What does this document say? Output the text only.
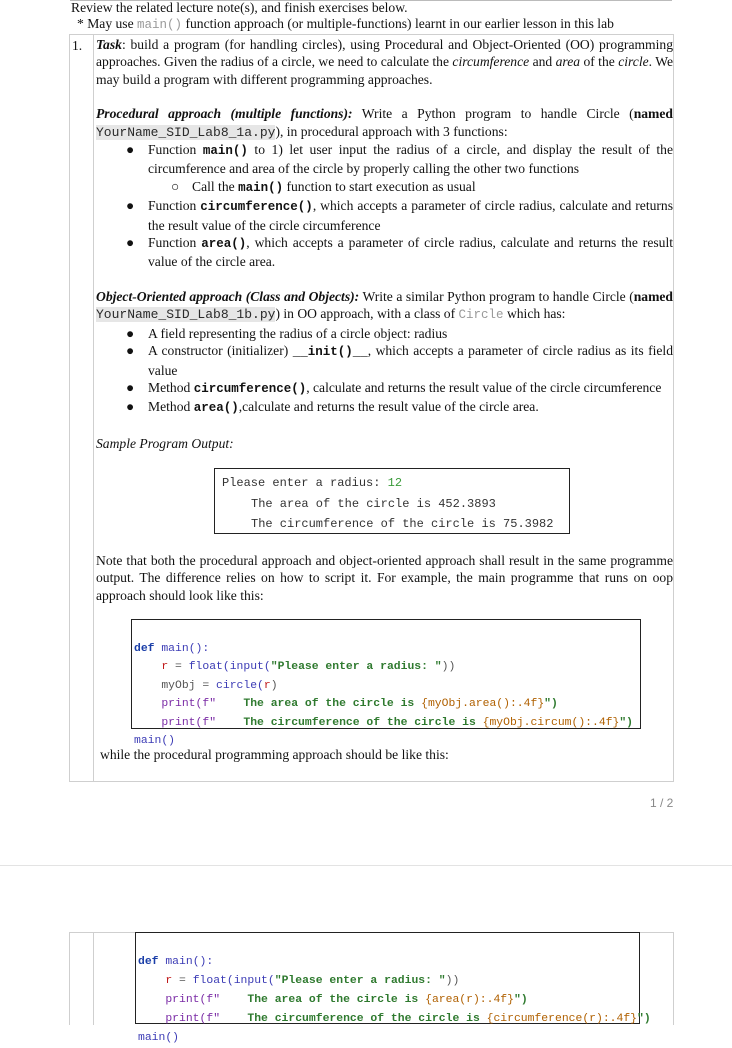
Review the related lecture note(s), and finish exercises below.
* May use main() function approach (or multiple-functions) learnt in our earlier lesson in this lab
1. Task: build a program (for handling circles), using Procedural and Object-Oriented (OO) programming approaches. Given the radius of a circle, we need to calculate the circumference and area of the circle. We may build a program with different programming approaches.

Procedural approach (multiple functions): Write a Python program to handle Circle (named YourName_SID_Lab8_1a.py), in procedural approach with 3 functions:

● Function main() to 1) let user input the radius of a circle, and display the result of the circumference and area of the circle by properly calling the other two functions
○ Call the main() function to start execution as usual
● Function circumference(), which accepts a parameter of circle radius, calculate and returns the result value of the circle circumference
● Function area(), which accepts a parameter of circle radius, calculate and returns the result value of the circle area.

Object-Oriented approach (Class and Objects): Write a similar Python program to handle Circle (named YourName_SID_Lab8_1b.py) in OO approach, with a class of Circle which has:

● A field representing the radius of a circle object: radius
● A constructor (initializer) __init()__, which accepts a parameter of circle radius as its field value
● Method circumference(), calculate and returns the result value of the circle circumference
● Method area(),calculate and returns the result value of the circle area.

Sample Program Output:

Please enter a radius: 12
The area of the circle is 452.3893
The circumference of the circle is 75.3982
Note that both the procedural approach and object-oriented approach shall result in the same programme output. The difference relies on how to script it. For example, the main programme that runs on oop approach should look like this:

def main():
r = float(input("Please enter a radius: "))
myObj = circle(r)
print(f"    The area of the circle is {myObj.area():.4f}")
print(f"    The circumference of the circle is {myObj.circum():.4f}")
main()
while the procedural programming approach should be like this:
1 / 2

def main():
r = float(input("Please enter a radius: "))
print(f"    The area of the circle is {area(r):.4f}")
print(f"    The circumference of the circle is {circumference(r):.4f}")
main()
